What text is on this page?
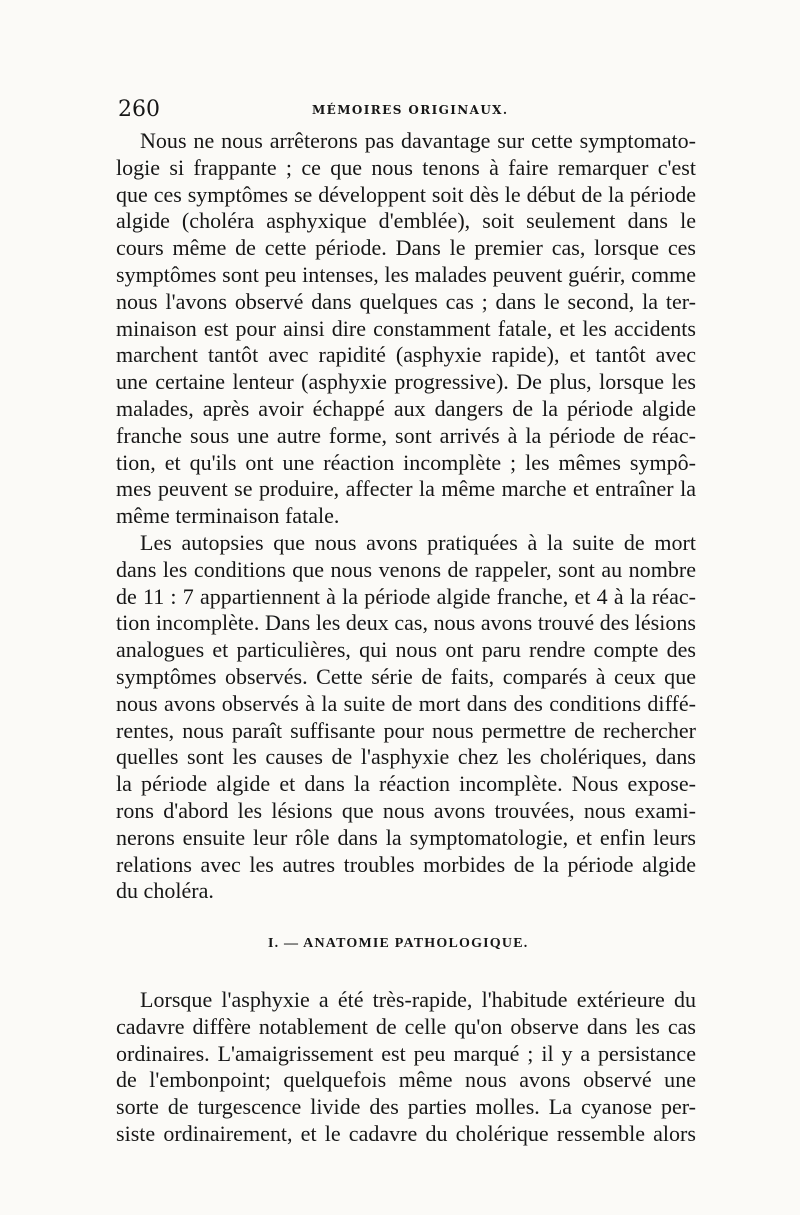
260	MÉMOIRES ORIGINAUX.
Nous ne nous arrêterons pas davantage sur cette symptomato-
logie si frappante ; ce que nous tenons à faire remarquer c'est
que ces symptômes se développent soit dès le début de la période
algide (choléra asphyxique d'emblée), soit seulement dans le
cours même de cette période. Dans le premier cas, lorsque ces
symptômes sont peu intenses, les malades peuvent guérir, comme
nous l'avons observé dans quelques cas ; dans le second, la ter-
minaison est pour ainsi dire constamment fatale, et les accidents
marchent tantôt avec rapidité (asphyxie rapide), et tantôt avec
une certaine lenteur (asphyxie progressive). De plus, lorsque les
malades, après avoir échappé aux dangers de la période algide
franche sous une autre forme, sont arrivés à la période de réac-
tion, et qu'ils ont une réaction incomplète ; les mêmes sympô-
mes peuvent se produire, affecter la même marche et entraîner la
même terminaison fatale.
Les autopsies que nous avons pratiquées à la suite de mort
dans les conditions que nous venons de rappeler, sont au nombre
de 11 : 7 appartiennent à la période algide franche, et 4 à la réac-
tion incomplète. Dans les deux cas, nous avons trouvé des lésions
analogues et particulières, qui nous ont paru rendre compte des
symptômes observés. Cette série de faits, comparés à ceux que
nous avons observés à la suite de mort dans des conditions diffé-
rentes, nous paraît suffisante pour nous permettre de rechercher
quelles sont les causes de l'asphyxie chez les cholériques, dans
la période algide et dans la réaction incomplète. Nous expose-
rons d'abord les lésions que nous avons trouvées, nous exami-
nerons ensuite leur rôle dans la symptomatologie, et enfin leurs
relations avec les autres troubles morbides de la période algide
du choléra.
I. — ANATOMIE PATHOLOGIQUE.
Lorsque l'asphyxie a été très-rapide, l'habitude extérieure du
cadavre diffère notablement de celle qu'on observe dans les cas
ordinaires. L'amaigrissement est peu marqué ; il y a persistance
de l'embonpoint; quelquefois même nous avons observé une
sorte de turgescence livide des parties molles. La cyanose per-
siste ordinairement, et le cadavre du cholérique ressemble alors
